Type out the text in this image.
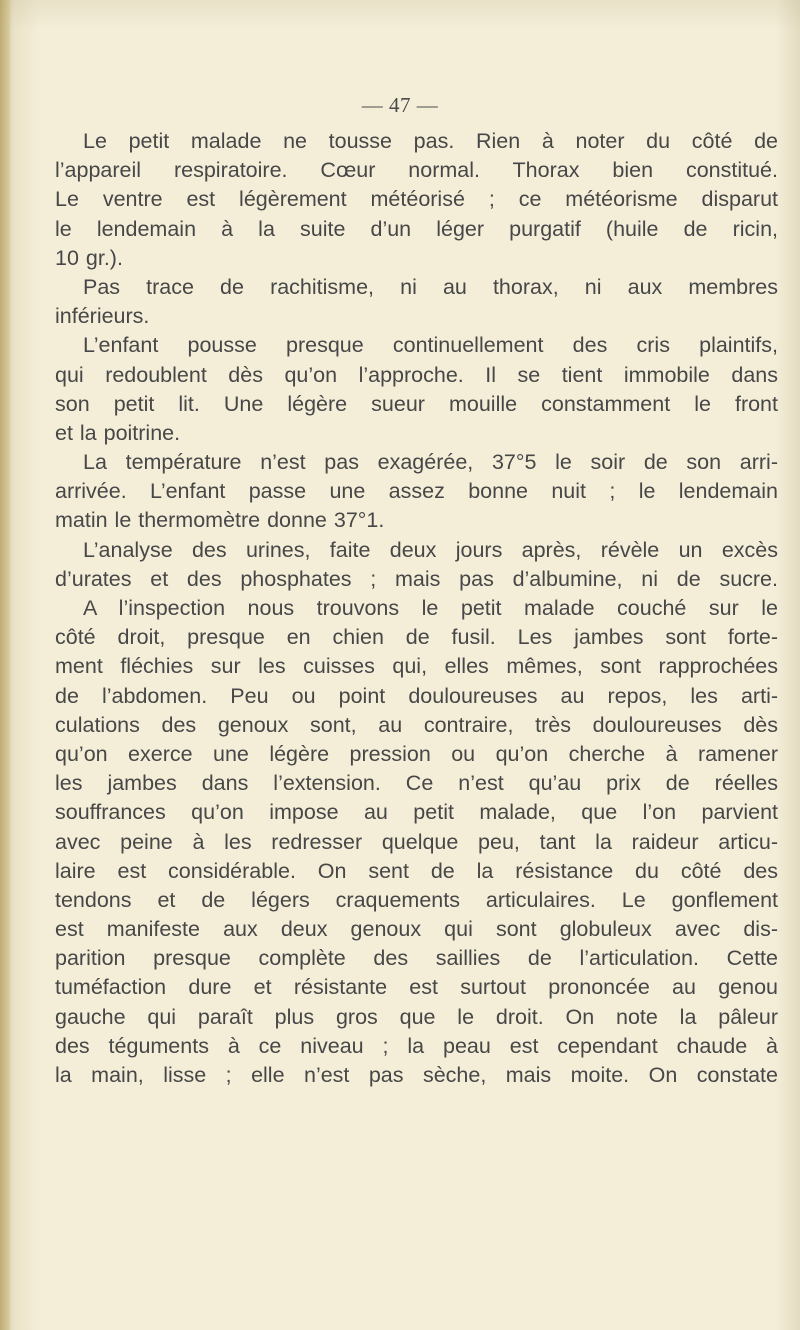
— 47 —
Le petit malade ne tousse pas. Rien à noter du côté de
l’appareil respiratoire. Cœur normal. Thorax bien constitué.
Le ventre est légèrement météorisé ; ce météorisme disparut
le lendemain à la suite d’un léger purgatif (huile de ricin,
10 gr.).
Pas trace de rachitisme, ni au thorax, ni aux membres
inférieurs.
L’enfant pousse presque continuellement des cris plaintifs,
qui redoublent dès qu’on l’approche. Il se tient immobile dans
son petit lit. Une légère sueur mouille constamment le front
et la poitrine.
La température n’est pas exagérée, 37°5 le soir de son arri-
arrivée. L’enfant passe une assez bonne nuit ; le lendemain
matin le thermomètre donne 37°1.
L’analyse des urines, faite deux jours après, révèle un excès
d’urates et des phosphates ; mais pas d’albumine, ni de sucre.
A l’inspection nous trouvons le petit malade couché sur le
côté droit, presque en chien de fusil. Les jambes sont forte-
ment fléchies sur les cuisses qui, elles mêmes, sont rapprochées
de l’abdomen. Peu ou point douloureuses au repos, les arti-
culations des genoux sont, au contraire, très douloureuses dès
qu’on exerce une légère pression ou qu’on cherche à ramener
les jambes dans l’extension. Ce n’est qu’au prix de réelles
souffrances qu’on impose au petit malade, que l’on parvient
avec peine à les redresser quelque peu, tant la raideur articu-
laire est considérable. On sent de la résistance du côté des
tendons et de légers craquements articulaires. Le gonflement
est manifeste aux deux genoux qui sont globuleux avec dis-
parition presque complète des saillies de l’articulation. Cette
tuméfaction dure et résistante est surtout prononcée au genou
gauche qui paraît plus gros que le droit. On note la pâleur
des téguments à ce niveau ; la peau est cependant chaude à
la main, lisse ; elle n’est pas sèche, mais moite. On constate
